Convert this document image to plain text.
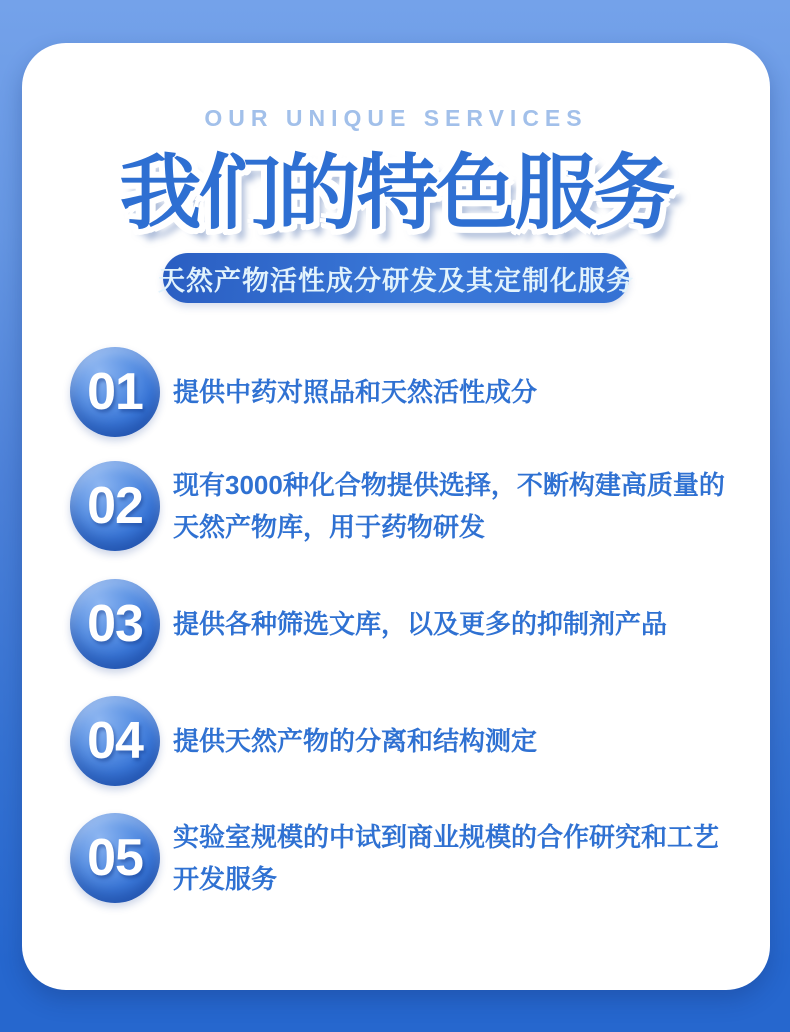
OUR UNIQUE SERVICES
我们的特色服务
天然产物活性成分研发及其定制化服务
01 提供中药对照品和天然活性成分
02 现有3000种化合物提供选择，不断构建高质量的天然产物库，用于药物研发
03 提供各种筛选文库，以及更多的抑制剂产品
04 提供天然产物的分离和结构测定
05 实验室规模的中试到商业规模的合作研究和工艺开发服务
